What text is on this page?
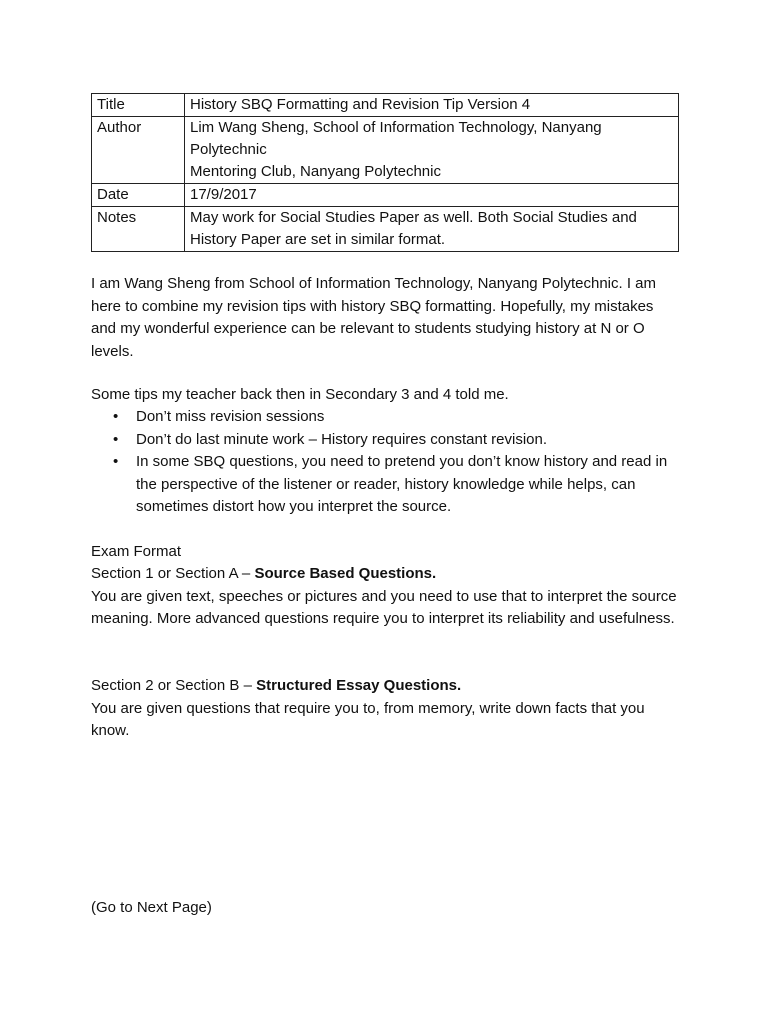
Title	History SBQ Formatting and Revision Tip Version 4
Author	Lim Wang Sheng, School of Information Technology, Nanyang
Polytechnic
Mentoring Club, Nanyang Polytechnic

Date	17/9/2017
Notes	May work for Social Studies Paper as well. Both Social Studies and History Paper are set in similar format.

I am Wang Sheng from School of Information Technology, Nanyang Polytechnic. I am here to combine my revision tips with history SBQ formatting. Hopefully, my mistakes and my wonderful experience can be relevant to students studying history at N or O levels.

Some tips my teacher back then in Secondary 3 and 4 told me.

• Don’t miss revision sessions
• Don’t do last minute work – History requires constant revision.
• In some SBQ questions, you need to pretend you don’t know history and read in the perspective of the listener or reader, history knowledge while helps, can sometimes distort how you interpret the source.

Exam Format

Section 1 or Section A – Source Based Questions.
You are given text, speeches or pictures and you need to use that to interpret the source meaning. More advanced questions require you to interpret its reliability and usefulness.
Section 2 or Section B – Structured Essay Questions.
You are given questions that require you to, from memory, write down facts that you know.

(Go to Next Page)
